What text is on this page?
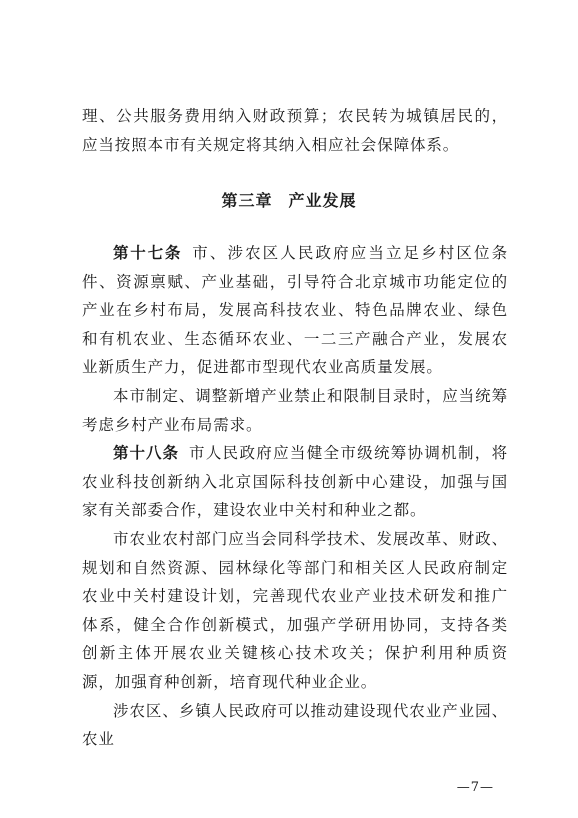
理、公共服务费用纳入财政预算；农民转为城镇居民的，应当按照本市有关规定将其纳入相应社会保障体系。

第三章 产业发展

第十七条 市、涉农区人民政府应当立足乡村区位条件、资源禀赋、产业基础，引导符合北京城市功能定位的产业在乡村布局，发展高科技农业、特色品牌农业、绿色和有机农业、生态循环农业、一二三产融合产业，发展农业新质生产力，促进都市型现代农业高质量发展。

本市制定、调整新增产业禁止和限制目录时，应当统筹考虑乡村产业布局需求。

第十八条 市人民政府应当健全市级统筹协调机制，将农业科技创新纳入北京国际科技创新中心建设，加强与国家有关部委合作，建设农业中关村和种业之都。

市农业农村部门应当会同科学技术、发展改革、财政、规划和自然资源、园林绿化等部门和相关区人民政府制定农业中关村建设计划，完善现代农业产业技术研发和推广体系，健全合作创新模式，加强产学研用协同，支持各类创新主体开展农业关键核心技术攻关；保护利用种质资源，加强育种创新，培育现代种业企业。

涉农区、乡镇人民政府可以推动建设现代农业产业园、农业

—7—
